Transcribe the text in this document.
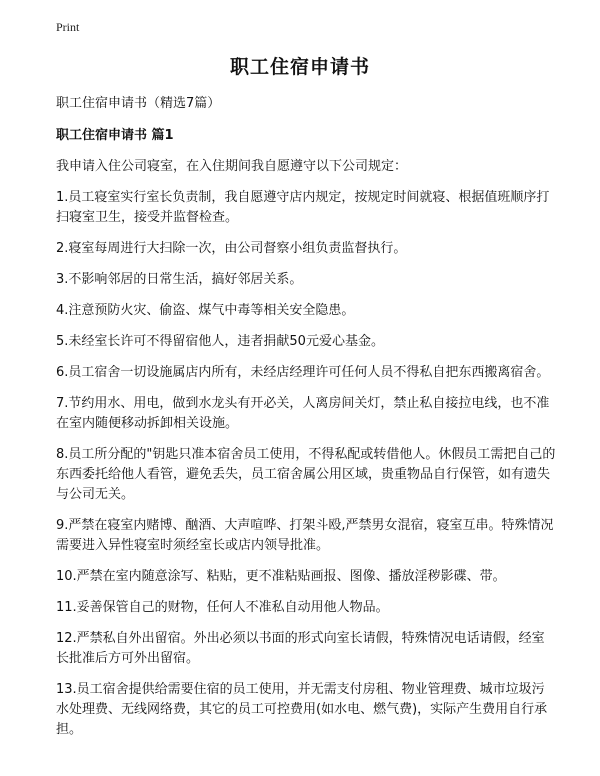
Print
职工住宿申请书

职工住宿申请书（精选7篇）

职工住宿申请书 篇1

我申请入住公司寝室，在入住期间我自愿遵守以下公司规定：

1.员工寝室实行室长负责制，我自愿遵守店内规定，按规定时间就寝、根据值班顺序打扫寝室卫生，接受并监督检查。

2.寝室每周进行大扫除一次，由公司督察小组负责监督执行。

3.不影响邻居的日常生活，搞好邻居关系。

4.注意预防火灾、偷盗、煤气中毒等相关安全隐患。

5.未经室长许可不得留宿他人，违者捐献50元爱心基金。

6.员工宿舍一切设施属店内所有，未经店经理许可任何人员不得私自把东西搬离宿舍。

7.节约用水、用电，做到水龙头有开必关，人离房间关灯，禁止私自接拉电线，也不准在室内随便移动拆卸相关设施。

8.员工所分配的"钥匙只准本宿舍员工使用，不得私配或转借他人。休假员工需把自己的东西委托给他人看管，避免丢失，员工宿舍属公用区域，贵重物品自行保管，如有遗失与公司无关。

9.严禁在寝室内赌博、酗酒、大声喧哗、打架斗殴,严禁男女混宿，寝室互串。特殊情况需要进入异性寝室时须经室长或店内领导批准。

10.严禁在室内随意涂写、粘贴，更不准粘贴画报、图像、播放淫秽影碟、带。

11.妥善保管自己的财物，任何人不准私自动用他人物品。

12.严禁私自外出留宿。外出必须以书面的形式向室长请假，特殊情况电话请假，经室长批准后方可外出留宿。

13.员工宿舍提供给需要住宿的员工使用，并无需支付房租、物业管理费、城市垃圾污水处理费、无线网络费，其它的员工可控费用(如水电、燃气费)，实际产生费用自行承担。
